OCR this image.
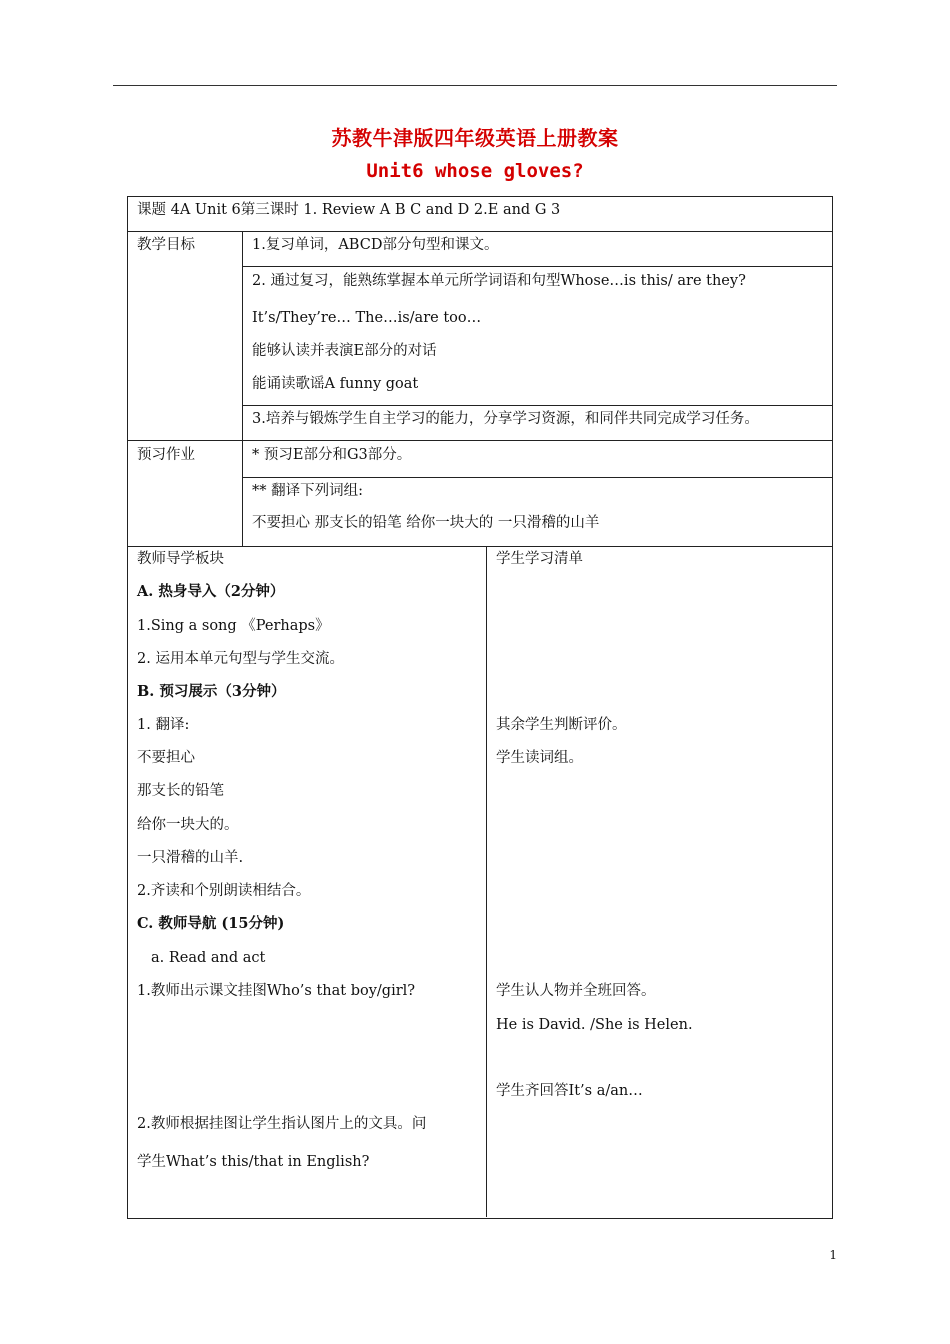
苏教牛津版四年级英语上册教案
Unit6 whose gloves?
课题 4A Unit 6第三课时 1. Review A B C and D 2.E and G 3
教学目标	1.复习单词，ABCD部分句型和课文。
2. 通过复习，能熟练掌握本单元所学词语和句型Whose…is this/ are they?
It’s/They’re… The…is/are too…
能够认读并表演E部分的对话
能诵读歌谣A funny goat
3.培养与锻炼学生自主学习的能力，分享学习资源，和同伴共同完成学习任务。
预习作业	* 预习E部分和G3部分。
** 翻译下列词组:
不要担心 那支长的铅笔 给你一块大的 一只滑稽的山羊
教师导学板块
A. 热身导入（2分钟）
1.Sing a song 《Perhaps》
2. 运用本单元句型与学生交流。
B. 预习展示（3分钟）
1. 翻译:
不要担心
那支长的铅笔
给你一块大的。
一只滑稽的山羊.
2.齐读和个别朗读相结合。
C. 教师导航 (15分钟)
a. Read and act
1.教师出示课文挂图Who’s that boy/girl?
2.教师根据挂图让学生指认图片上的文具。问
学生What’s this/that in English?
学生学习清单
其余学生判断评价。
学生读词组。
学生认人物并全班回答。
He is David. /She is Helen.
学生齐回答It’s a/an…
1
